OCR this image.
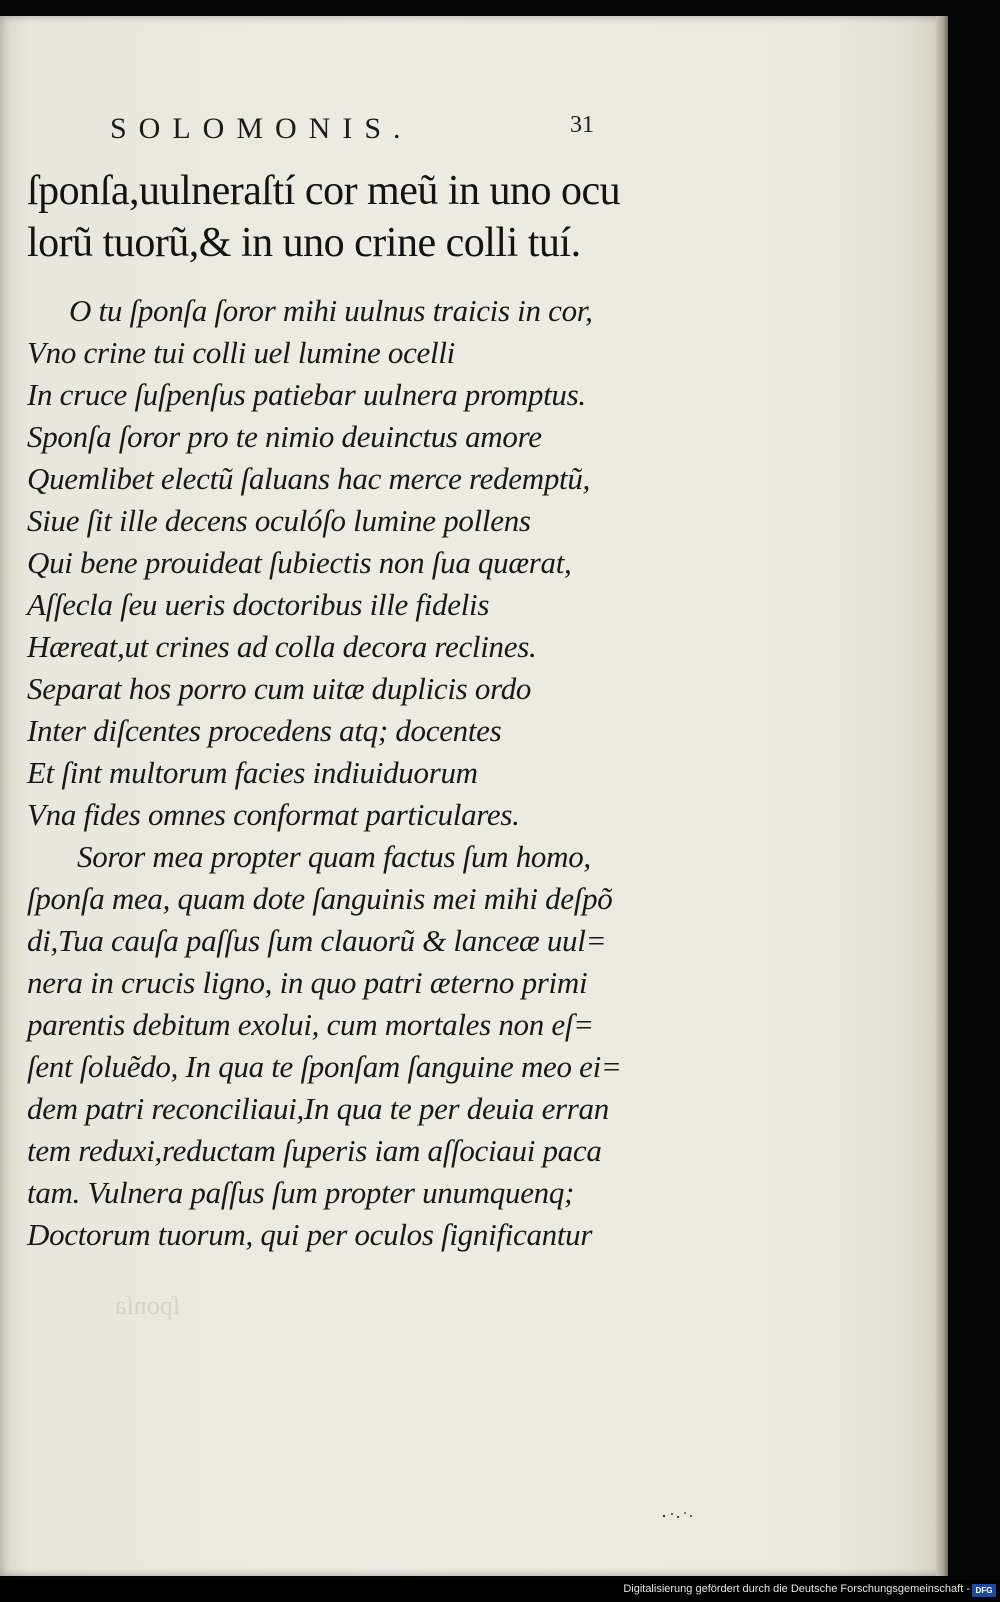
SOLOMONIS.	31
ſponſa,uulneraſtí cor meũ in uno ocu
lorũ tuorũ,& in uno crine colli tuí.
O tu ſponſa ſoror mihi uulnus traicis in cor,
Vno crine tui colli uel lumine ocelli
In cruce ſuſpenſus patiebar uulnera promptus.
Sponſa ſoror pro te nimio deuinctus amore
Quemlibet electũ ſaluans hac merce redemptũ,
Siue ſit ille decens oculóſo lumine pollens
Qui bene prouideat ſubiectis non ſua quærat,
Aſſecla ſeu ueris doctoribus ille fidelis
Hæreat,ut crines ad colla decora reclines.
Separat hos porro cum uitæ duplicis ordo
Inter diſcentes procedens atq; docentes
Et ſint multorum facies indiuiduorum
Vna fides omnes conformat particulares.
Soror mea propter quam factus ſum homo,
ſponſa mea, quam dote ſanguinis mei mihi deſpõ
di,Tua cauſa paſſus ſum clauorũ & lanceæ uul=
nera in crucis ligno, in quo patri æterno primi
parentis debitum exolui, cum mortales non eſ=
ſent ſoluẽdo, In qua te ſponſam ſanguine meo ei=
dem patri reconciliaui,In qua te per deuia erran
tem reduxi,reductam ſuperis iam aſſociaui paca
tam. Vulnera paſſus ſum propter unumquenq;
Doctorum tuorum, qui per oculos ſignificantur
ſponſa
Digitalisierung gefördert durch die Deutsche Forschungsgemeinschaft - DFG
